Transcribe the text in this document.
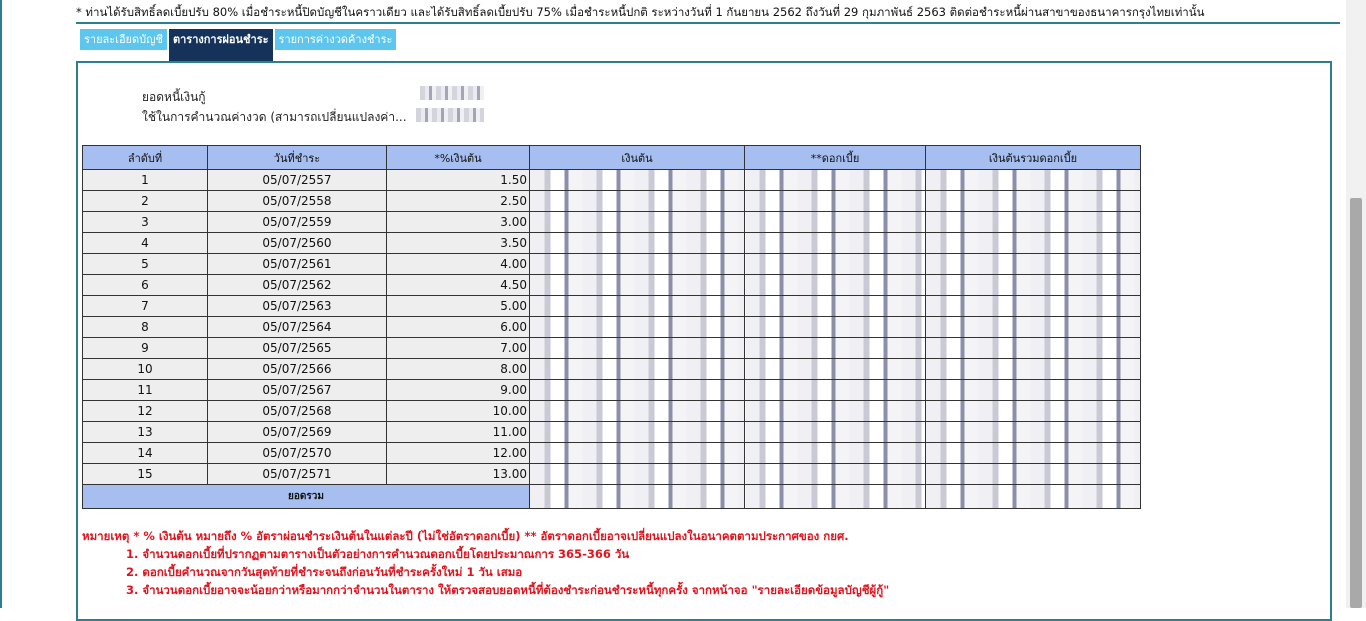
* ท่านได้รับสิทธิ์ลดเบี้ยปรับ 80% เมื่อชำระหนี้ปิดบัญชีในคราวเดียว และได้รับสิทธิ์ลดเบี้ยปรับ 75% เมื่อชำระหนี้ปกติ ระหว่างวันที่ 1 กันยายน 2562 ถึงวันที่ 29 กุมภาพันธ์ 2563 ติดต่อชำระหนี้ผ่านสาขาของธนาคารกรุงไทยเท่านั้น
รายละเอียดบัญชี ตารางการผ่อนชำระ รายการค่างวดค้างชำระ
ยอดหนี้เงินกู้
ใช้ในการคำนวณค่างวด (สามารถเปลี่ยนแปลงค่า...
ลำดับที่	วันที่ชำระ	*%เงินต้น	เงินต้น	**ดอกเบี้ย	เงินต้นรวมดอกเบี้ย
1	05/07/2557	1.50			
2	05/07/2558	2.50			
3	05/07/2559	3.00			
4	05/07/2560	3.50			
5	05/07/2561	4.00			
6	05/07/2562	4.50			
7	05/07/2563	5.00			
8	05/07/2564	6.00			
9	05/07/2565	7.00			
10	05/07/2566	8.00			
11	05/07/2567	9.00			
12	05/07/2568	10.00			
13	05/07/2569	11.00			
14	05/07/2570	12.00			
15	05/07/2571	13.00			
ยอดรวม					
หมายเหตุ * % เงินต้น หมายถึง % อัตราผ่อนชำระเงินต้นในแต่ละปี (ไม่ใช่อัตราดอกเบี้ย) ** อัตราดอกเบี้ยอาจเปลี่ยนแปลงในอนาคตตามประกาศของ กยศ.
1. จำนวนดอกเบี้ยที่ปรากฏตามตารางเป็นตัวอย่างการคำนวณดอกเบี้ยโดยประมาณการ 365-366 วัน
2. ดอกเบี้ยคำนวณจากวันสุดท้ายที่ชำระจนถึงก่อนวันที่ชำระครั้งใหม่ 1 วัน เสมอ
3. จำนวนดอกเบี้ยอาจจะน้อยกว่าหรือมากกว่าจำนวนในตาราง ให้ตรวจสอบยอดหนี้ที่ต้องชำระก่อนชำระหนี้ทุกครั้ง จากหน้าจอ "รายละเอียดข้อมูลบัญชีผู้กู้"
